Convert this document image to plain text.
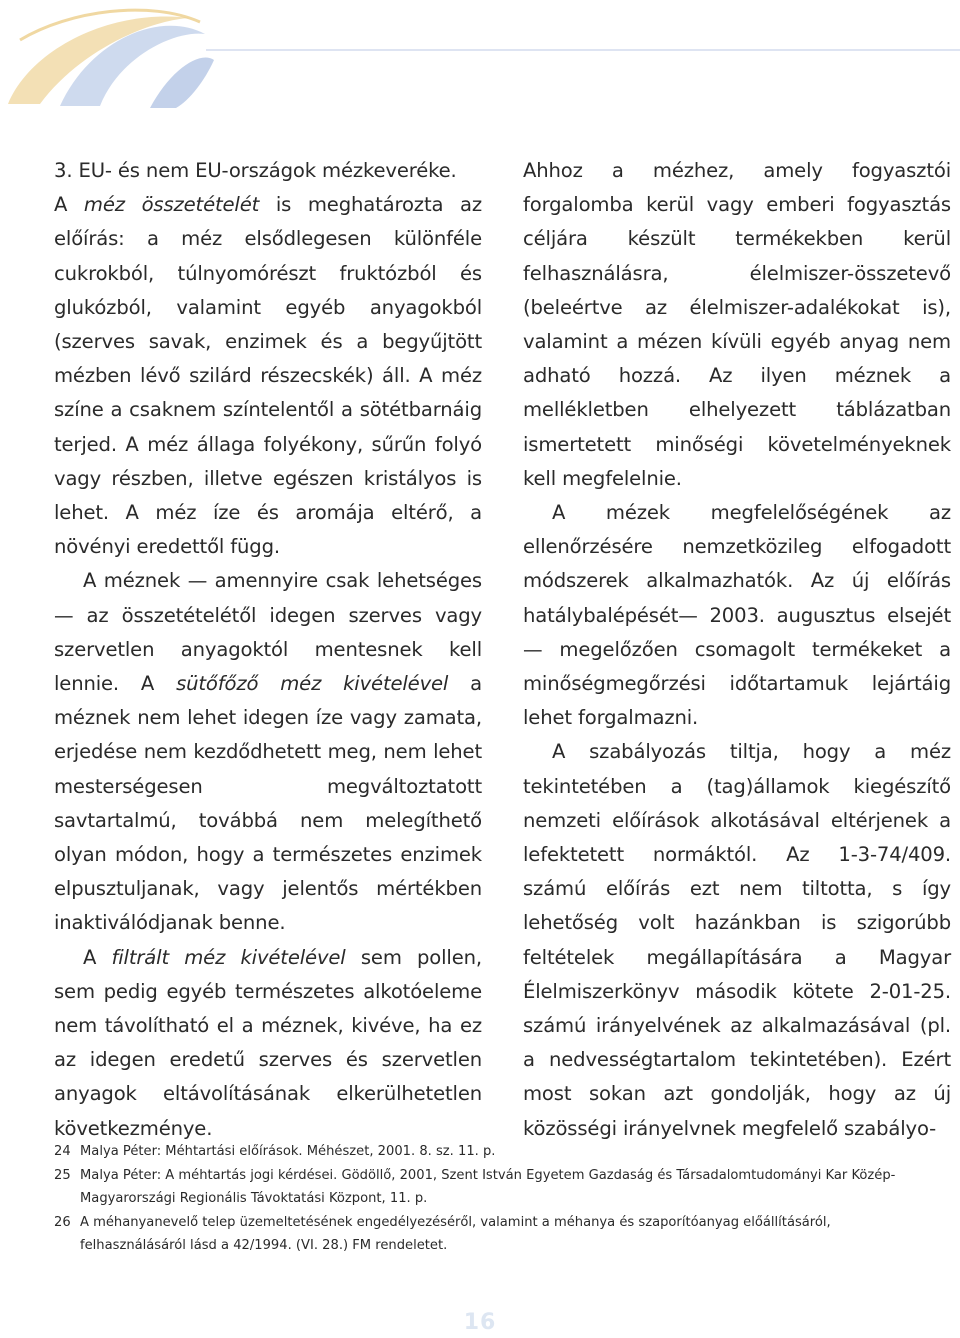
3. EU- és nem EU-országok mézkeveréke.

A méz összetételét is meghatározta az előírás: a méz elsődlegesen különféle cukrokból, túlnyomórészt fruktózból és glukózból, valamint egyéb anyagokból (szerves savak, enzimek és a begyűjtött mézben lévő szilárd részecskék) áll. A méz színe a csaknem színtelentől a sötétbarnáig terjed. A méz állaga folyékony, sűrűn folyó vagy részben, illetve egészen kristályos is lehet. A méz íze és aromája eltérő, a növényi eredettől függ.

A méznek — amennyire csak lehetséges — az összetételétől idegen szerves vagy szervetlen anyagoktól mentesnek kell lennie. A sütőfőző méz kivételével a méznek nem lehet idegen íze vagy zamata, erjedése nem kezdődhetett meg, nem lehet mesterségesen megváltoztatott savtartalmú, továbbá nem melegíthető olyan módon, hogy a természetes enzimek elpusztuljanak, vagy jelentős mértékben inaktiválódjanak benne.

A filtrált méz kivételével sem pollen, sem pedig egyéb természetes alkotóeleme nem távolítható el a méznek, kivéve, ha ez az idegen eredetű szerves és szervetlen anyagok eltávolításának elkerülhetetlen következménye.

Ahhoz a mézhez, amely fogyasztói forgalomba kerül vagy emberi fogyasztás céljára készült termékekben kerül felhasználásra, élelmiszer-összetevő (beleértve az élelmiszer-adalékokat is), valamint a mézen kívüli egyéb anyag nem adható hozzá. Az ilyen méznek a mellékletben elhelyezett táblázatban ismertetett minőségi követelményeknek kell megfelelnie.

A mézek megfelelőségének az ellenőrzésére nemzetközileg elfogadott módszerek alkalmazhatók. Az új előírás hatálybalépését— 2003. augusztus elsejét — megelőzően csomagolt termékeket a minőségmegőrzési időtartamuk lejártáig lehet forgalmazni.

A szabályozás tiltja, hogy a méz tekintetében a (tag)államok kiegészítő nemzeti előírások alkotásával eltérjenek a lefektetett normáktól. Az 1-3-74/409. számú előírás ezt nem tiltotta, s így lehetőség volt hazánkban is szigorúbb feltételek megállapítására a Magyar Élelmiszerkönyv második kötete 2-01-25. számú irányelvének az alkalmazásával (pl. a nedvességtartalom tekintetében). Ezért most sokan azt gondolják, hogy az új közösségi irányelvnek megfelelő szabályo-

24 Malya Péter: Méhtartási előírások. Méhészet, 2001. 8. sz. 11. p.
25 Malya Péter: A méhtartás jogi kérdései. Gödöllő, 2001, Szent István Egyetem Gazdaság és Társadalomtudományi Kar Közép-Magyarországi Regionális Távoktatási Központ, 11. p.
26 A méhanyanevelő telep üzemeltetésének engedélyezéséről, valamint a méhanya és szaporítóanyag előállításáról, felhasználásáról lásd a 42/1994. (VI. 28.) FM rendeletet.
16
